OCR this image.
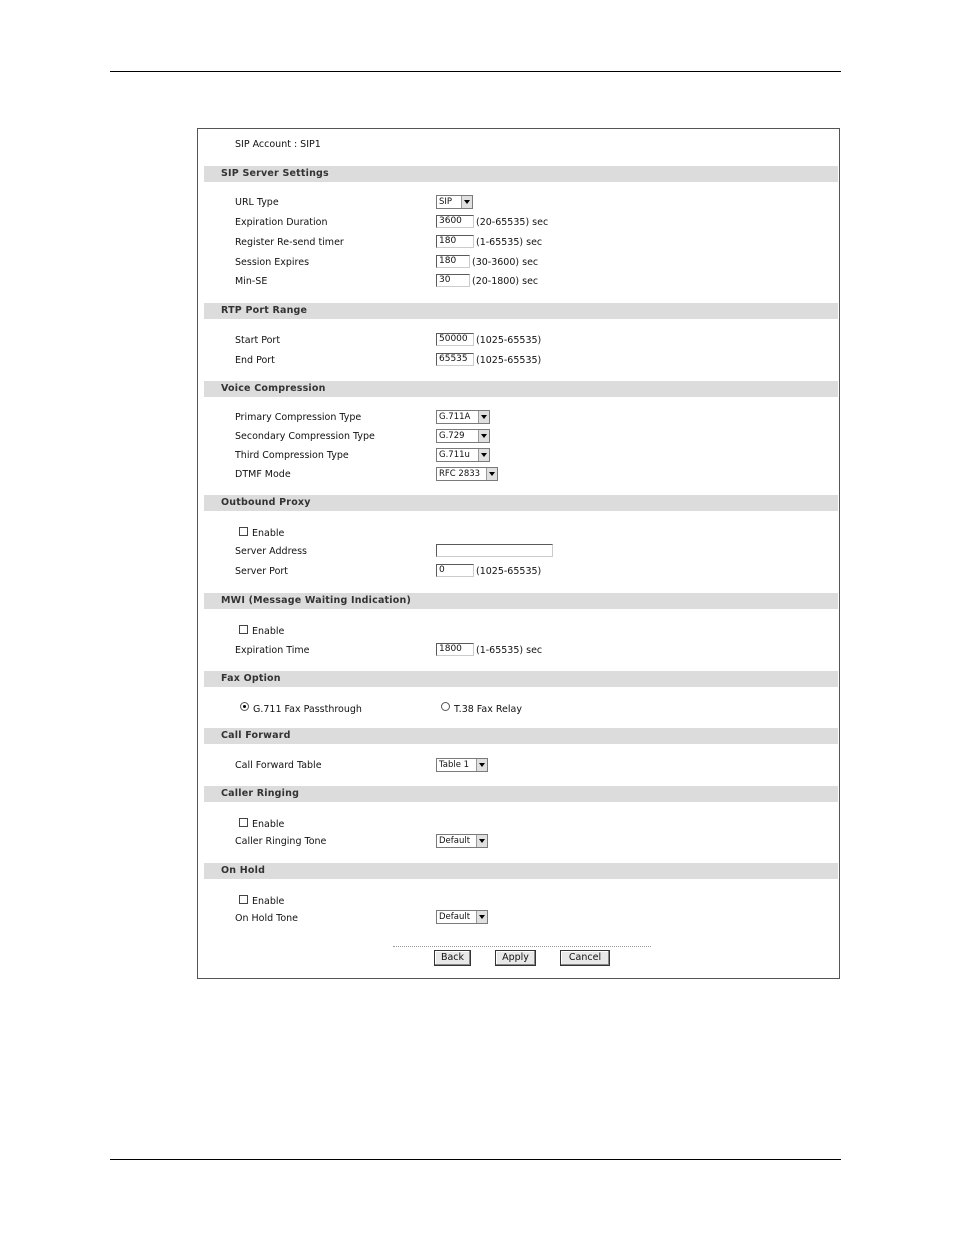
SIP Account : SIP1
SIP Server Settings
URL Type	SIP
Expiration Duration	3600	(20-65535) sec
Register Re-send timer	180	(1-65535) sec
Session Expires	180	(30-3600) sec
Min-SE	30	(20-1800) sec
RTP Port Range
Start Port	50000 (1025-65535)
End Port	65535 (1025-65535)
Voice Compression
Primary Compression Type	G.711A
Secondary Compression Type	G.729
Third Compression Type	G.711u
DTMF Mode	RFC 2833
Outbound Proxy
Enable
Server Address
Server Port	0	(1025-65535)
MWI (Message Waiting Indication)
Enable
Expiration Time	1800	(1-65535) sec
Fax Option
G.711 Fax Passthrough	T.38 Fax Relay
Call Forward
Call Forward Table	Table 1
Caller Ringing
Enable
Caller Ringing Tone	Default
On Hold
Enable
On Hold Tone	Default
Back	Apply	Cancel
